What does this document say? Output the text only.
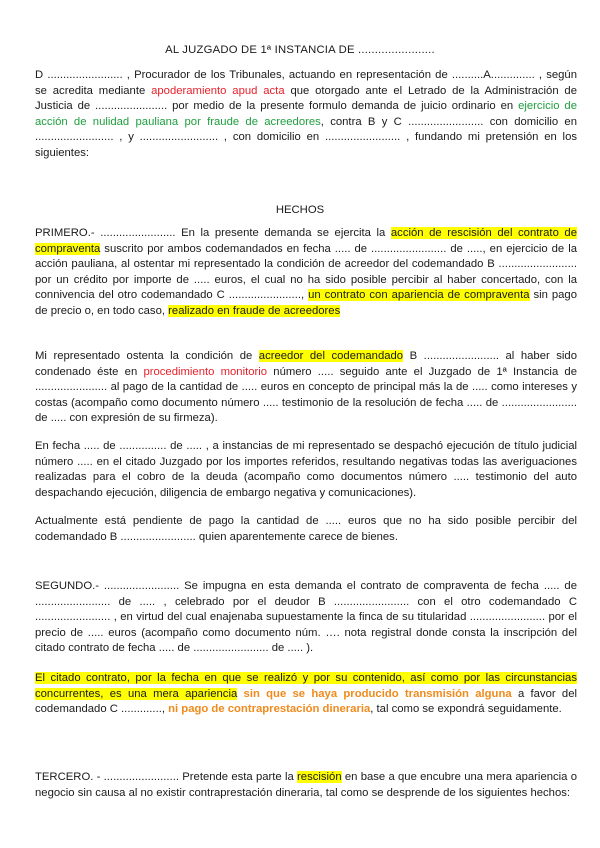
AL JUZGADO DE 1ª INSTANCIA DE .......................

D ........................ , Procurador de los Tribunales, actuando en representación de ..........A.............. , según se acredita mediante apoderamiento apud acta que otorgado ante el Letrado de la Administración de Justicia de ....................... por medio de la presente formulo demanda de juicio ordinario en ejercicio de acción de nulidad pauliana por fraude de acreedores, contra B y C ........................ con domicilio en ......................... , y ......................... , con domicilio en ........................ , fundando mi pretensión en los siguientes:

HECHOS

PRIMERO.- ........................ En la presente demanda se ejercita la acción de rescisión del contrato de compraventa suscrito por ambos codemandados en fecha ..... de ........................ de ....., en ejercicio de la acción pauliana, al ostentar mi representado la condición de acreedor del codemandado B ......................... por un crédito por importe de ..... euros, el cual no ha sido posible percibir al haber concertado, con la connivencia del otro codemandado C ......................., un contrato con apariencia de compraventa sin pago de precio o, en todo caso, realizado en fraude de acreedores

Mi representado ostenta la condición de acreedor del codemandado B ........................ al haber sido condenado éste en procedimiento monitorio número ..... seguido ante el Juzgado de 1ª Instancia de ....................... al pago de la cantidad de ..... euros en concepto de principal más la de ..... como intereses y costas (acompaño como documento número ..... testimonio de la resolución de fecha ..... de ........................ de ..... con expresión de su firmeza).

En fecha ..... de ............... de ..... , a instancias de mi representado se despachó ejecución de título judicial número ..... en el citado Juzgado por los importes referidos, resultando negativas todas las averiguaciones realizadas para el cobro de la deuda (acompaño como documentos número ..... testimonio del auto despachando ejecución, diligencia de embargo negativa y comunicaciones).

Actualmente está pendiente de pago la cantidad de ..... euros que no ha sido posible percibir del codemandado B ........................ quien aparentemente carece de bienes.

SEGUNDO.- ........................ Se impugna en esta demanda el contrato de compraventa de fecha ..... de ........................ de ..... , celebrado por el deudor B ........................ con el otro codemandado C ........................ , en virtud del cual enajenaba supuestamente la finca de su titularidad ........................ por el precio de ..... euros (acompaño como documento núm. …. nota registral donde consta la inscripción del citado contrato de fecha ..... de ........................ de ..... ).

El citado contrato, por la fecha en que se realizó y por su contenido, así como por las circunstancias concurrentes, es una mera apariencia sin que se haya producido transmisión alguna a favor del codemandado C ............., ni pago de contraprestación dineraria, tal como se expondrá seguidamente.

TERCERO. - ........................ Pretende esta parte la rescisión en base a que encubre una mera apariencia o negocio sin causa al no existir contraprestación dineraria, tal como se desprende de los siguientes hechos:
